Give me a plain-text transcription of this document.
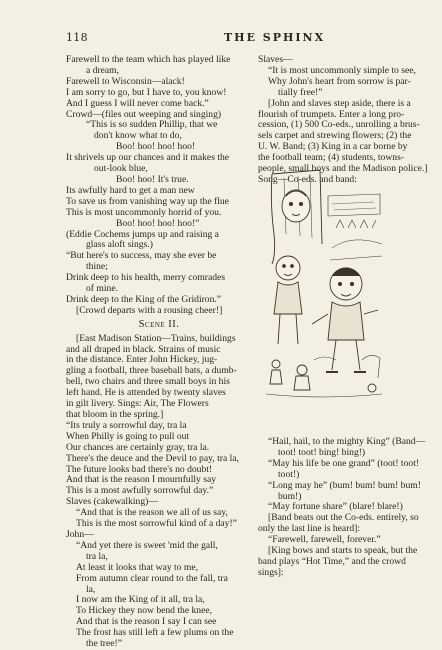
118	THE SPHINX
Farewell to the team which has played like
a dream,
Farewell to Wisconsin—alack!
I am sorry to go, but I have to, you know!
And I guess I will never come back.”
Crowd—(files out weeping and singing)
“This is so sudden Phillip, that we
don't know what to do,
Boo! hoo! hoo! hoo!
It shrivels up our chances and it makes the
out-look blue,
Boo! hoo! It's true.
Its awfully hard to get a man new
To save us from vanishing way up the flue
This is most uncommonly horrid of you.
Boo! hoo! hoo! hoo!”
(Eddie Cochems jumps up and raising a
glass aloft sings.)
“But here's to success, may she ever be
thine;
Drink deep to his health, merry comrades
of mine.
Drink deep to the King of the Gridiron.”
[Crowd departs with a rousing cheer!]
Scene II.
[East Madison Station—Trains, buildings
and all draped in black. Strains of music
in the distance. Enter John Hickey, jug-
gling a football, three baseball bats, a dumb-
bell, two chairs and three small boys in his
left hand. He is attended by twenty slaves
in gilt livery. Sings: Air, The Flowers
that bloom in the spring.]
“Its truly a sorrowful day, tra la
When Philly is going to pull out
Our chances are certainly gray, tra la.
There's the deuce and the Devil to pay, tra la,
The future looks bad there's no doubt!
And that is the reason I mournfully say
This is a most awfully sorrowful day.”
Slaves (cakewalking)—
“And that is the reason we all of us say,
This is the most sorrowful kind of a day!”
John—
“And yet there is sweet 'mid the gall,
tra la,
At least it looks that way to me,
From autumn clear round to the fall, tra
la,
I now am the King of it all, tra la,
To Hickey they now bend the knee,
And that is the reason I say I can see
The frost has still left a few plums on the
the tree!”
Slaves—
“It is most uncommonly simple to see,
Why John's heart from sorrow is par-
tially free!”
[John and slaves step aside, there is a
flourish of trumpets. Enter a long pro-
cession, (1) 500 Co-eds., unrolling a brus-
sels carpet and strewing flowers; (2) the
U. W. Band; (3) King in a car borne by
the football team; (4) students, towns-
people, small boys and the Madison police.]
Song—Co-eds. and band:
“Hail, hail, to the mighty King” (Band—
toot! toot! bing! bing!)
“May his life be one grand” (toot! toot!
toot!)
“Long may he” (bum! bum! bum! bum!
bum!)
“May fortune share” (blare! blare!)
[Band beats out the Co-eds. entirely, so
only the last line is heard]:
“Farewell, farewell, forever.”
[King bows and starts to speak, but the
band plays “Hot Time,” and the crowd
sings]:
